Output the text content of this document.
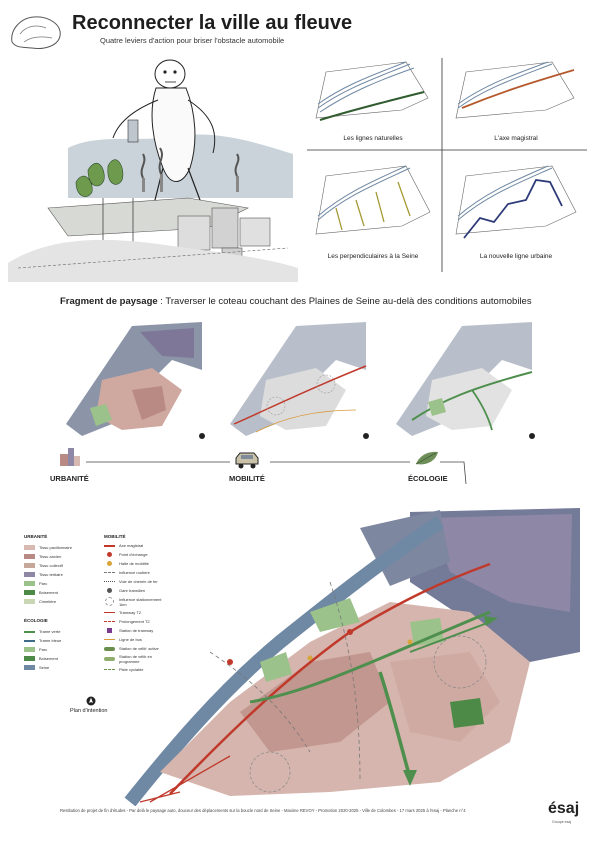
Reconnecter la ville au fleuve
Quatre leviers d'action pour briser l'obstacle automobile
Les lignes naturelles	L'axe magistral
Les perpendiculaires à la Seine	La nouvelle ligne urbaine
Fragment de paysage : Traverser le coteau couchant des Plaines de Seine au-delà des conditions automobiles
URBANITÉ	MOBILITÉ	ÉCOLOGIE
URBANITÉ
Tissu pavillonnaire
Tissu ancien
Tissu collectif
Tissu tertiaire
Parc
Boisement
Cimetière
ÉCOLOGIE
Trame verte
Trame bleue
Parc
Boisement
Seine
MOBILITÉ
Axe magistral
Point d'échange
Halte de mobilité
Influence routière
Voie de chemin de fer
Gare transilien
Influence stationnement 1km
Tramway T2
Prolongement T2
Station de tramway
Ligne de bus
Station de vélib' active
Station de vélib en programme
Piste cyclable
Plan d'intention
Restitution de projet de fin d'études - Par delà le paysage auto, douceur des déplacements sur la boucle nord de Seine - Maxime REVOY - Promotion 2020-2025 - Ville de Colombes - 17 mars 2025 à l'esaj - Planche n°4	ésaj
Groupe esaj
